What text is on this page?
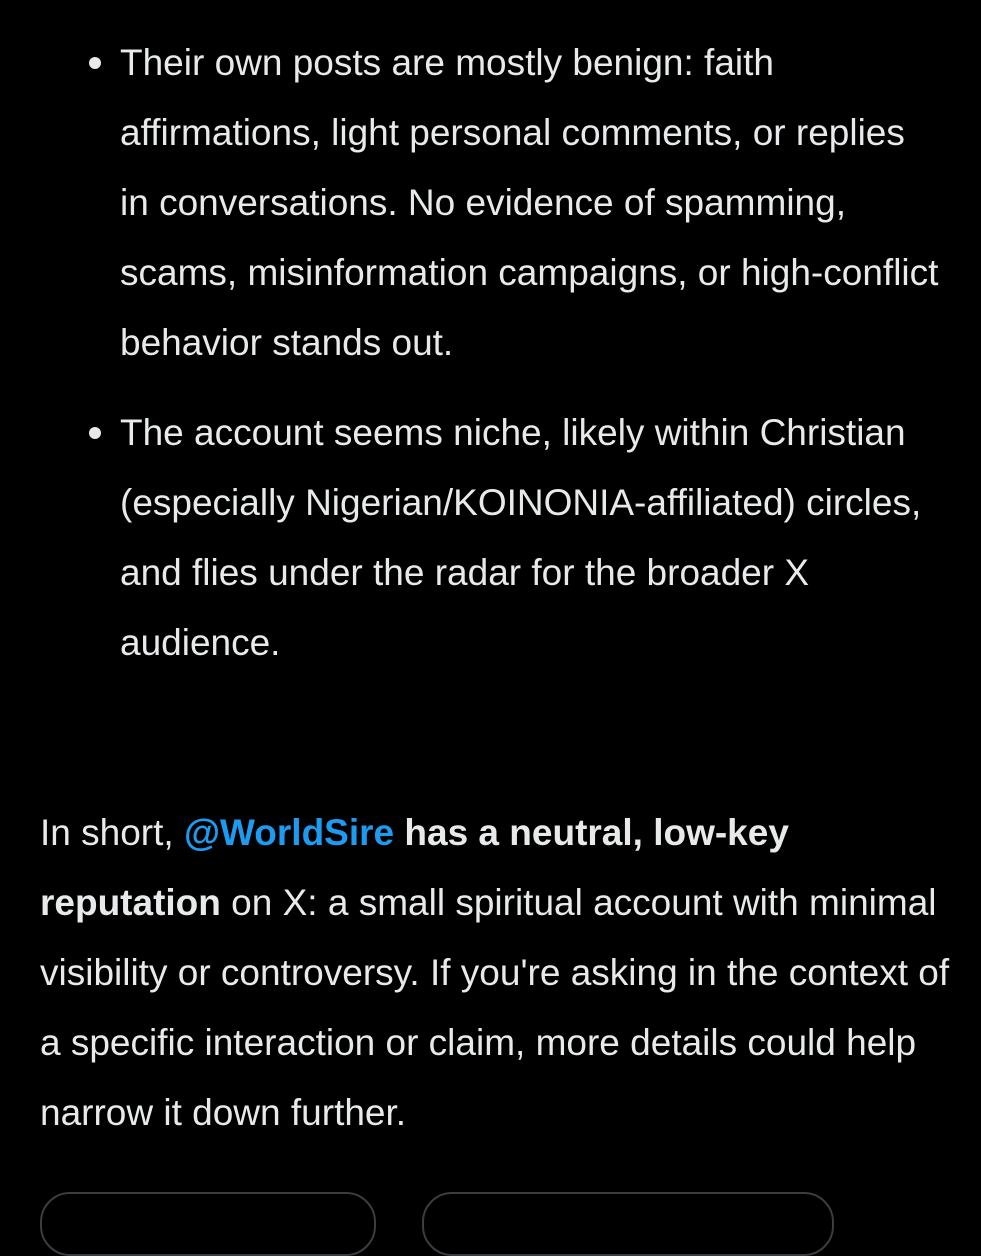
Their own posts are mostly benign: faith affirmations, light personal comments, or replies in conversations. No evidence of spamming, scams, misinformation campaigns, or high-conflict behavior stands out.
The account seems niche, likely within Christian (especially Nigerian/KOINONIA-affiliated) circles, and flies under the radar for the broader X audience.

In short, @WorldSire has a neutral, low-key reputation on X: a small spiritual account with minimal visibility or controversy. If you're asking in the context of a specific interaction or claim, more details could help narrow it down further.
